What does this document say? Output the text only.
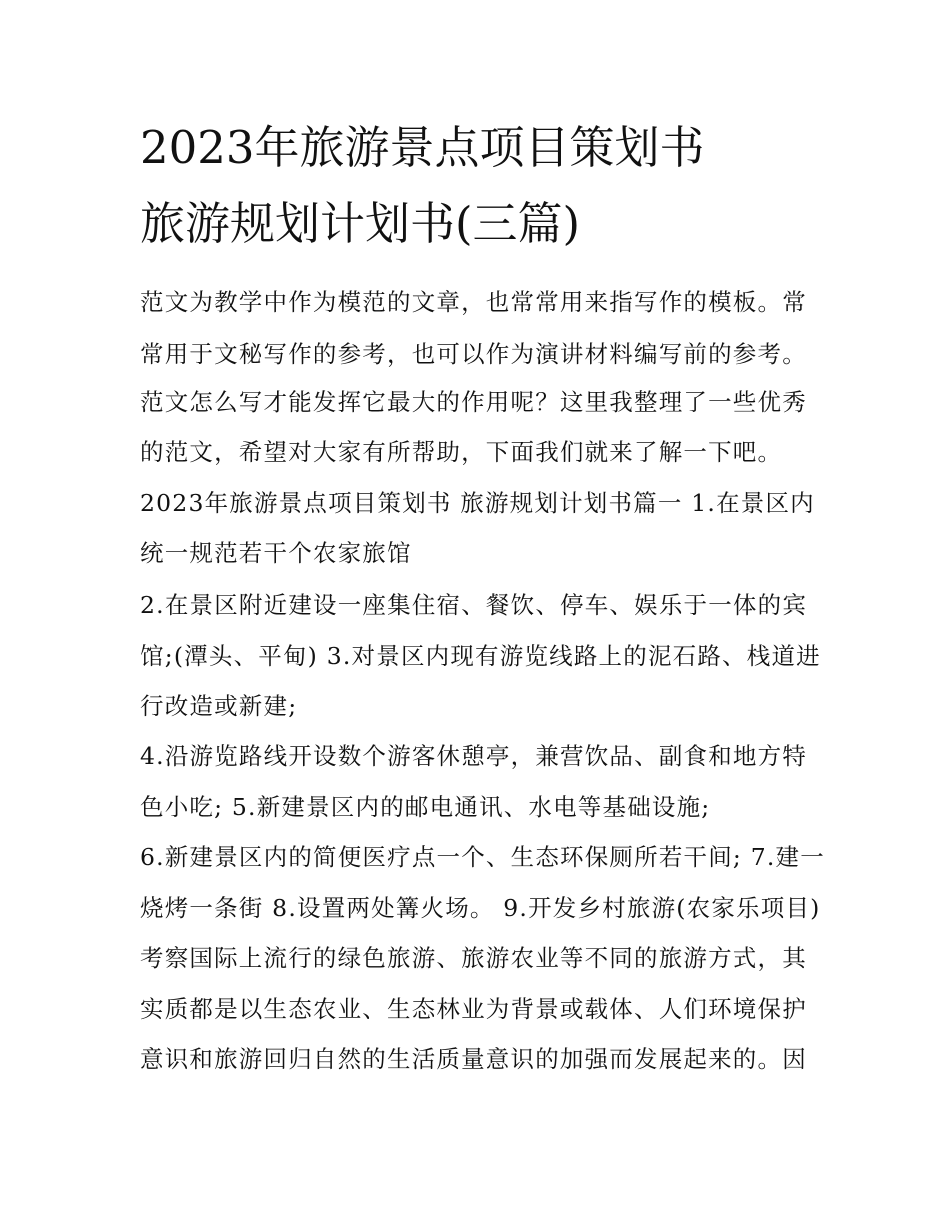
2023年旅游景点项目策划书
旅游规划计划书(三篇)
范文为教学中作为模范的文章，也常常用来指写作的模板。常
常用于文秘写作的参考，也可以作为演讲材料编写前的参考。
范文怎么写才能发挥它最大的作用呢？这里我整理了一些优秀
的范文，希望对大家有所帮助，下面我们就来了解一下吧。
2023年旅游景点项目策划书 旅游规划计划书篇一 1.在景区内
统一规范若干个农家旅馆
2.在景区附近建设一座集住宿、餐饮、停车、娱乐于一体的宾
馆;(潭头、平甸) 3.对景区内现有游览线路上的泥石路、栈道进
行改造或新建;
4.沿游览路线开设数个游客休憩亭，兼营饮品、副食和地方特
色小吃; 5.新建景区内的邮电通讯、水电等基础设施;
6.新建景区内的简便医疗点一个、生态环保厕所若干间; 7.建一
烧烤一条街 8.设置两处篝火场。 9.开发乡村旅游(农家乐项目)
考察国际上流行的绿色旅游、旅游农业等不同的旅游方式，其
实质都是以生态农业、生态林业为背景或载体、人们环境保护
意识和旅游回归自然的生活质量意识的加强而发展起来的。因
